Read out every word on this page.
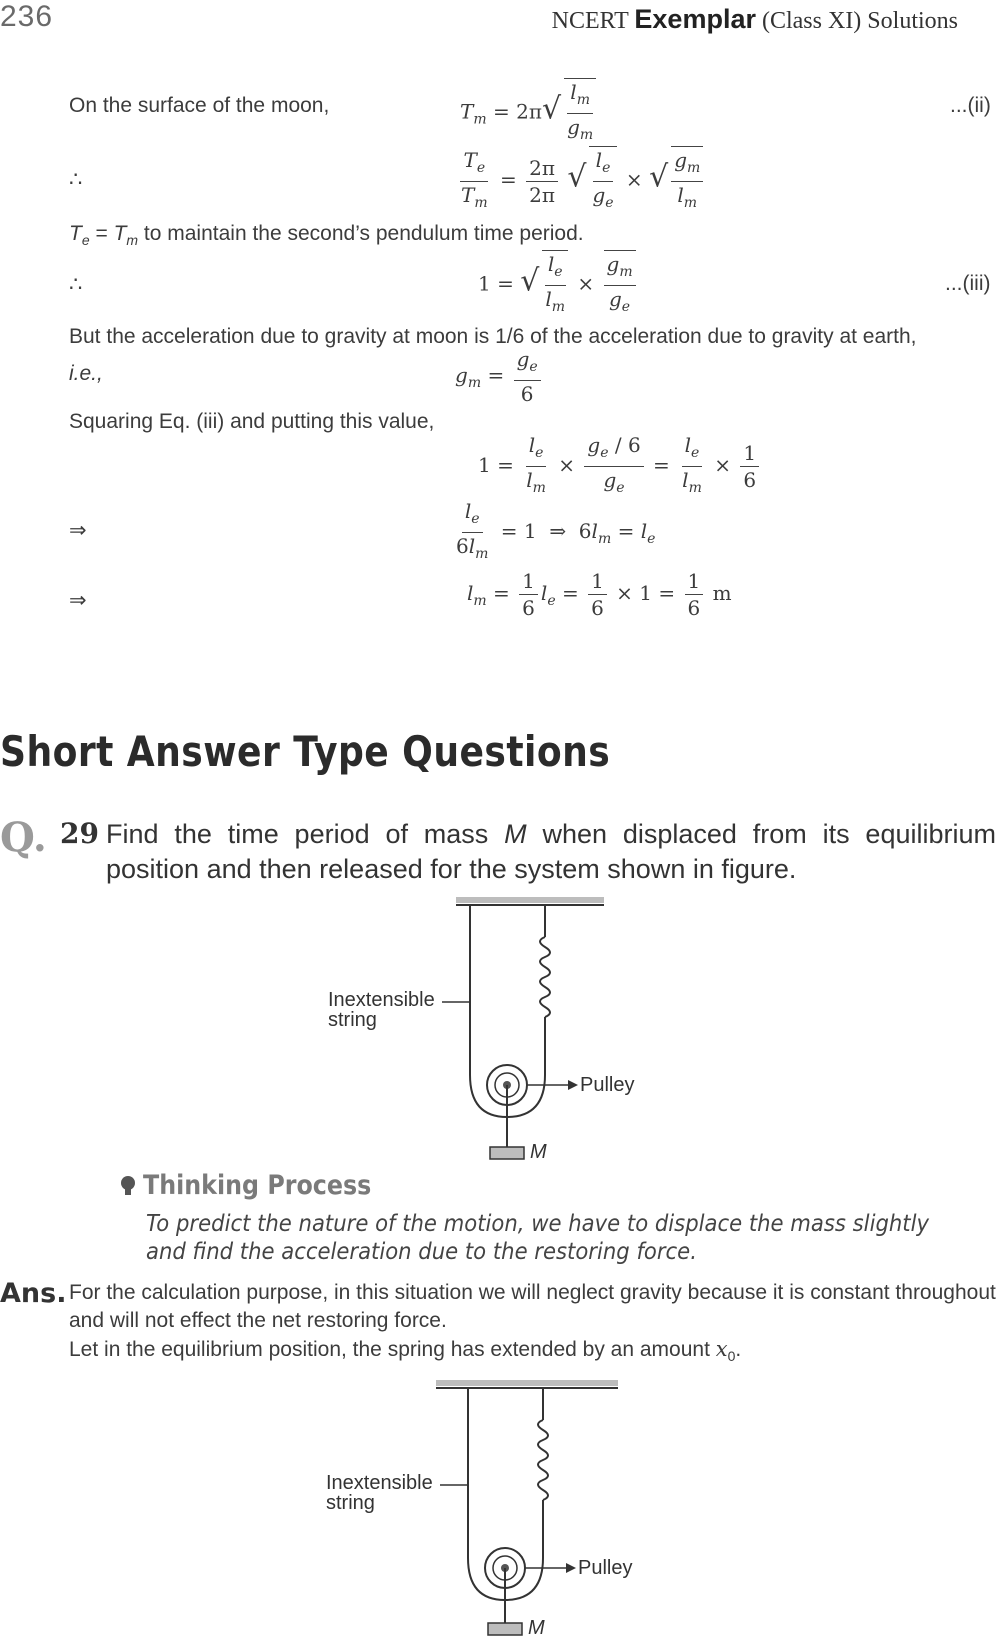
236	NCERT Exemplar (Class XI) Solutions
On the surface of the moon,	$T_m = 2\pi√ \frac{l_m}{g_m}$	...(ii)
∴	$\frac{T_e}{T_m} = \frac{2\pi}{2\pi}$ √ $\frac{l_e}{g_e}$ × √ $\frac{g_m}{l_m}$
$T_e = T_m$ to maintain the second’s pendulum time period.
∴	1 = √ $\frac{l_e}{l_m} \times \frac{g_m}{g_e}$	...(iii)
But the acceleration due to gravity at moon is 1/6 of the acceleration due to gravity at earth,
i.e.,	$g_m = \frac{g_e}{6}$
Squaring Eq. (iii) and putting this value,
$1 = \frac{l_e}{l_m} \times \frac{g_e / 6}{g_e} = \frac{l_e}{l_m} \times \frac{1}{6}$
⇒	$\frac{l_e}{6l_m} = 1$  ⇒  $6l_m = l_e$
⇒	$l_m = \frac{1}{6} l_e = \frac{1}{6} \times 1 = \frac{1}{6}$ m
Short Answer Type Questions
Q. 29 Find the time period of mass M when displaced from its equilibrium position and then released for the system shown in figure.
Inextensible
string
Pulley
M
Thinking Process
To predict the nature of the motion, we have to displace the mass slightly and find the acceleration due to the restoring force.
Ans. For the calculation purpose, in this situation we will neglect gravity because it is constant throughout and will not effect the net restoring force.
Let in the equilibrium position, the spring has extended by an amount $x_0$.
Inextensible
string
Pulley
M
